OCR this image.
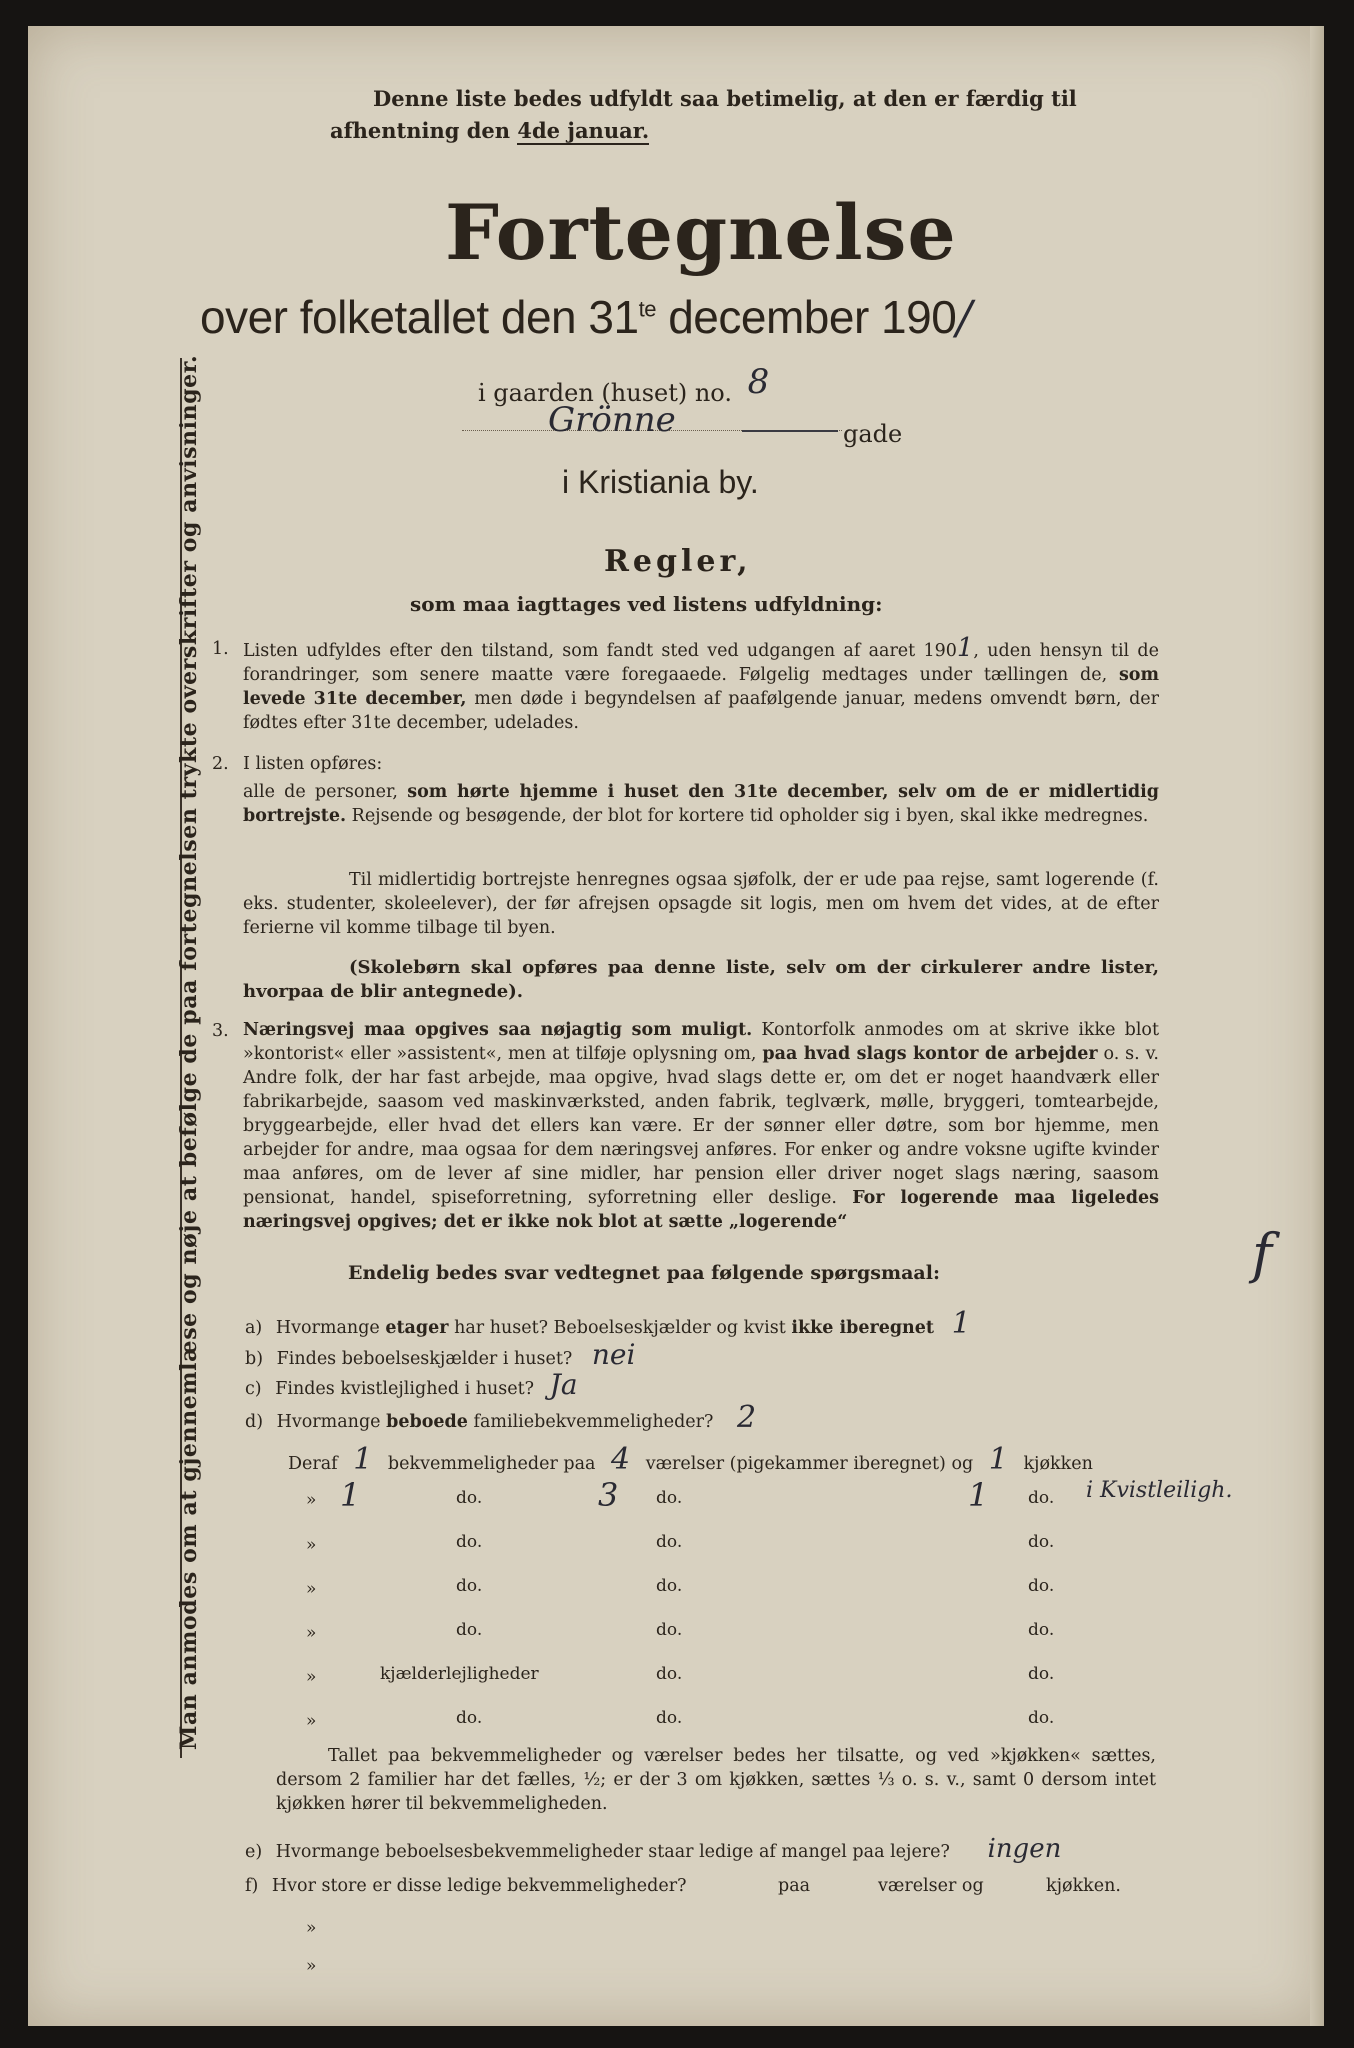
Denne liste bedes udfyldt saa betimelig, at den er færdig til
afhentning den 4de januar.
Fortegnelse
over folketallet den $31^{te}$ december 190/
i gaarden (huset) no. 8
Grönne	gade
i Kristiania by.
Man anmodes om at gjennemlæse og nøje at befølge de paa fortegnelsen trykte overskrifter og anvisninger.	Regler,
som maa iagttages ved listens udfyldning:
1. Listen udfyldes efter den tilstand, som fandt sted ved udgangen af aaret 1901, uden hensyn til de forandringer, som senere maatte være foregaaede. Følgelig medtages under tællingen de, som levede 31te december, men døde i begyndelsen af paafølgende januar, medens omvendt børn, der fødtes efter 31te december, udelades.
2. I listen opføres:
alle de personer, som hørte hjemme i huset den 31te december, selv om de er midlertidig bortrejste. Rejsende og besøgende, der blot for kortere tid opholder sig i byen, skal ikke medregnes.
Til midlertidig bortrejste henregnes ogsaa sjøfolk, der er ude paa rejse, samt logerende (f. eks. studenter, skoleelever), der før afrejsen opsagde sit logis, men om hvem det vides, at de efter ferierne vil komme tilbage til byen.
(Skolebørn skal opføres paa denne liste, selv om der cirkulerer andre lister, hvorpaa de blir antegnede).
3. Næringsvej maa opgives saa nøjagtig som muligt. Kontorfolk anmodes om at skrive ikke blot »kontorist« eller »assistent«, men at tilføje oplysning om, paa hvad slags kontor de arbejder o. s. v. Andre folk, der har fast arbejde, maa opgive, hvad slags dette er, om det er noget haandværk eller fabrikarbejde, saasom ved maskinværksted, anden fabrik, teglværk, mølle, bryggeri, tomtearbejde, bryggearbejde, eller hvad det ellers kan være. Er der sønner eller døtre, som bor hjemme, men arbejder for andre, maa ogsaa for dem næringsvej anføres. For enker og andre voksne ugifte kvinder maa anføres, om de lever af sine midler, har pension eller driver noget slags næring, saasom pensionat, handel, spiseforretning, syforretning eller deslige. For logerende maa ligeledes næringsvej opgives; det er ikke nok blot at sætte „logerende“
Endelig bedes svar vedtegnet paa følgende spørgsmaal:
a) Hvormange etager har huset? Beboelseskjælder og kvist ikke iberegnet 1
b) Findes beboelseskjælder i huset? nei
c) Findes kvistlejlighed i huset? Ja
d) Hvormange beboede familiebekvemmeligheder? 2
f
Deraf 1 bekvemmeligheder paa 4 værelser (pigekammer iberegnet) og 1 kjøkken
» 1	do.	3 do.	1 do. i Kvistleiligh.
»	do.	do.	do.
»	do.	do.	do.
»	do.	do.	do.
»	kjælderlejligheder	do.	do.
»	do.	do.	do.
Tallet paa bekvemmeligheder og værelser bedes her tilsatte, og ved »kjøkken« sættes, dersom 2 familier har det fælles, ½; er der 3 om kjøkken, sættes ⅓ o. s. v., samt 0 dersom intet kjøkken hører til bekvemmeligheden.
e) Hvormange beboelsesbekvemmeligheder staar ledige af mangel paa lejere? ingen
f) Hvor store er disse ledige bekvemmeligheder?	paa	værelser og	kjøkken.
»
»
